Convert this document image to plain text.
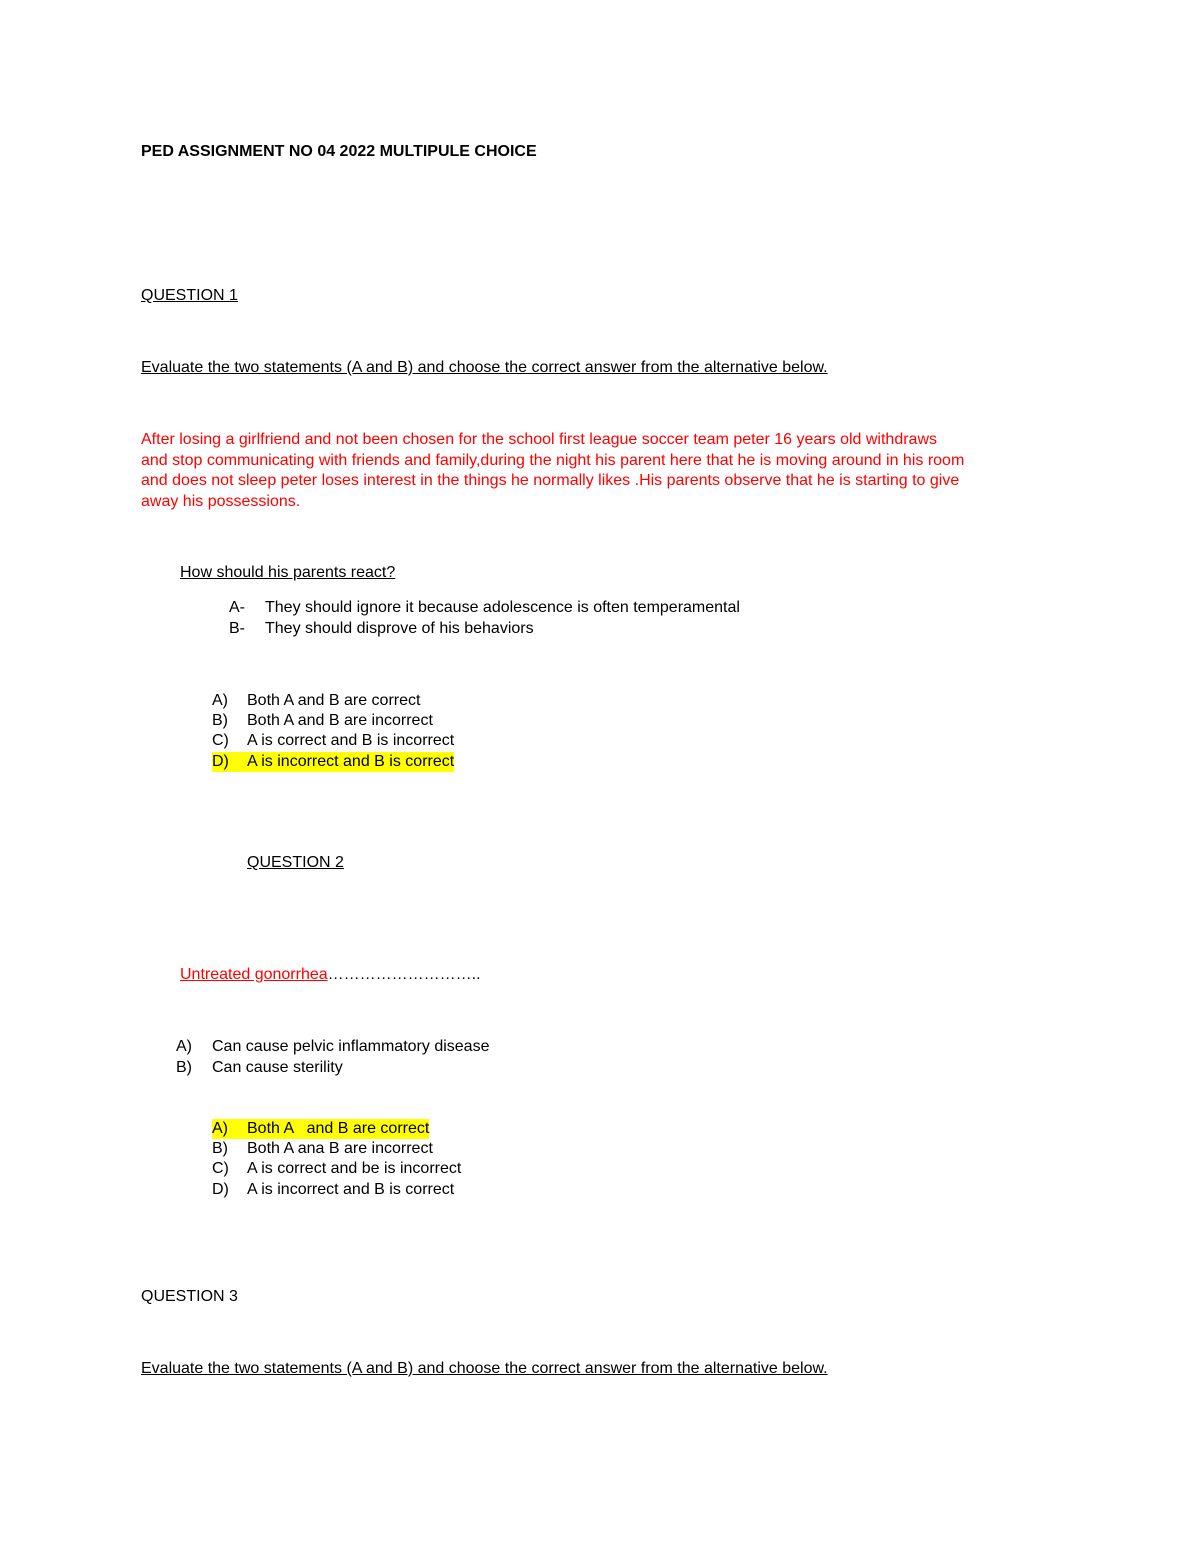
PED ASSIGNMENT NO 04 2022 MULTIPULE CHOICE
QUESTION 1
Evaluate the two statements (A and B) and choose the correct answer from the alternative below.
After losing a girlfriend and not been chosen for the school first league soccer team peter 16 years old withdraws
and stop communicating with friends and family,during the night his parent here that he is moving around in his room
and does not sleep peter loses interest in the things he normally likes .His parents observe that he is starting to give
away his possessions.
How should his parents react?
A- They should ignore it because adolescence is often temperamental
B- They should disprove of his behaviors
A) Both A and B are correct
B) Both A and B are incorrect
C) A is correct and B is incorrect
D) A is incorrect and B is correct
QUESTION 2
Untreated gonorrhea………………………..
A) Can cause pelvic inflammatory disease
B) Can cause sterility
A) Both A   and B are correct
B) Both A ana B are incorrect
C) A is correct and be is incorrect
D) A is incorrect and B is correct
QUESTION 3
Evaluate the two statements (A and B) and choose the correct answer from the alternative below.
